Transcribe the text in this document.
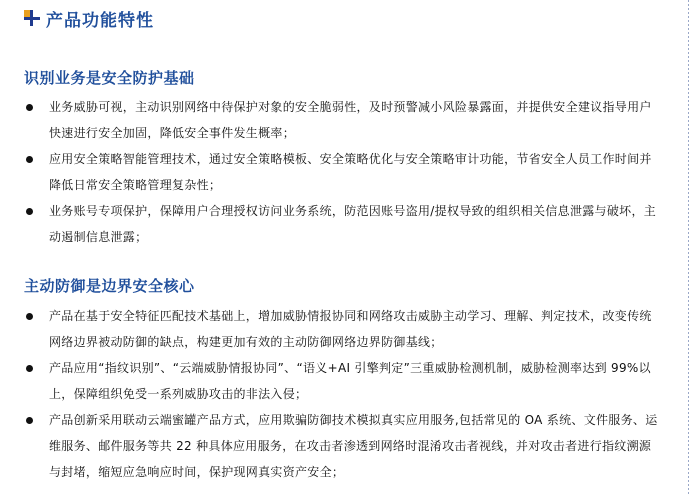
产品功能特性
识别业务是安全防护基础
业务威胁可视，主动识别网络中待保护对象的安全脆弱性，及时预警减小风险暴露面，并提供安全建议指导用户快速进行安全加固，降低安全事件发生概率；
应用安全策略智能管理技术，通过安全策略模板、安全策略优化与安全策略审计功能，节省安全人员工作时间并降低日常安全策略管理复杂性；
业务账号专项保护，保障用户合理授权访问业务系统，防范因账号盗用/提权导致的组织相关信息泄露与破坏，主动遏制信息泄露；
主动防御是边界安全核心
产品在基于安全特征匹配技术基础上，增加威胁情报协同和网络攻击威胁主动学习、理解、判定技术，改变传统网络边界被动防御的缺点，构建更加有效的主动防御网络边界防御基线；
产品应用“指纹识别”、“云端威胁情报协同”、“语义+AI 引擎判定”三重威胁检测机制，威胁检测率达到 99%以上，保障组织免受一系列威胁攻击的非法入侵；
产品创新采用联动云端蜜罐产品方式，应用欺骗防御技术模拟真实应用服务,包括常见的 OA 系统、文件服务、运维服务、邮件服务等共 22 种具体应用服务，在攻击者渗透到网络时混淆攻击者视线，并对攻击者进行指纹溯源与封堵，缩短应急响应时间，保护现网真实资产安全；
